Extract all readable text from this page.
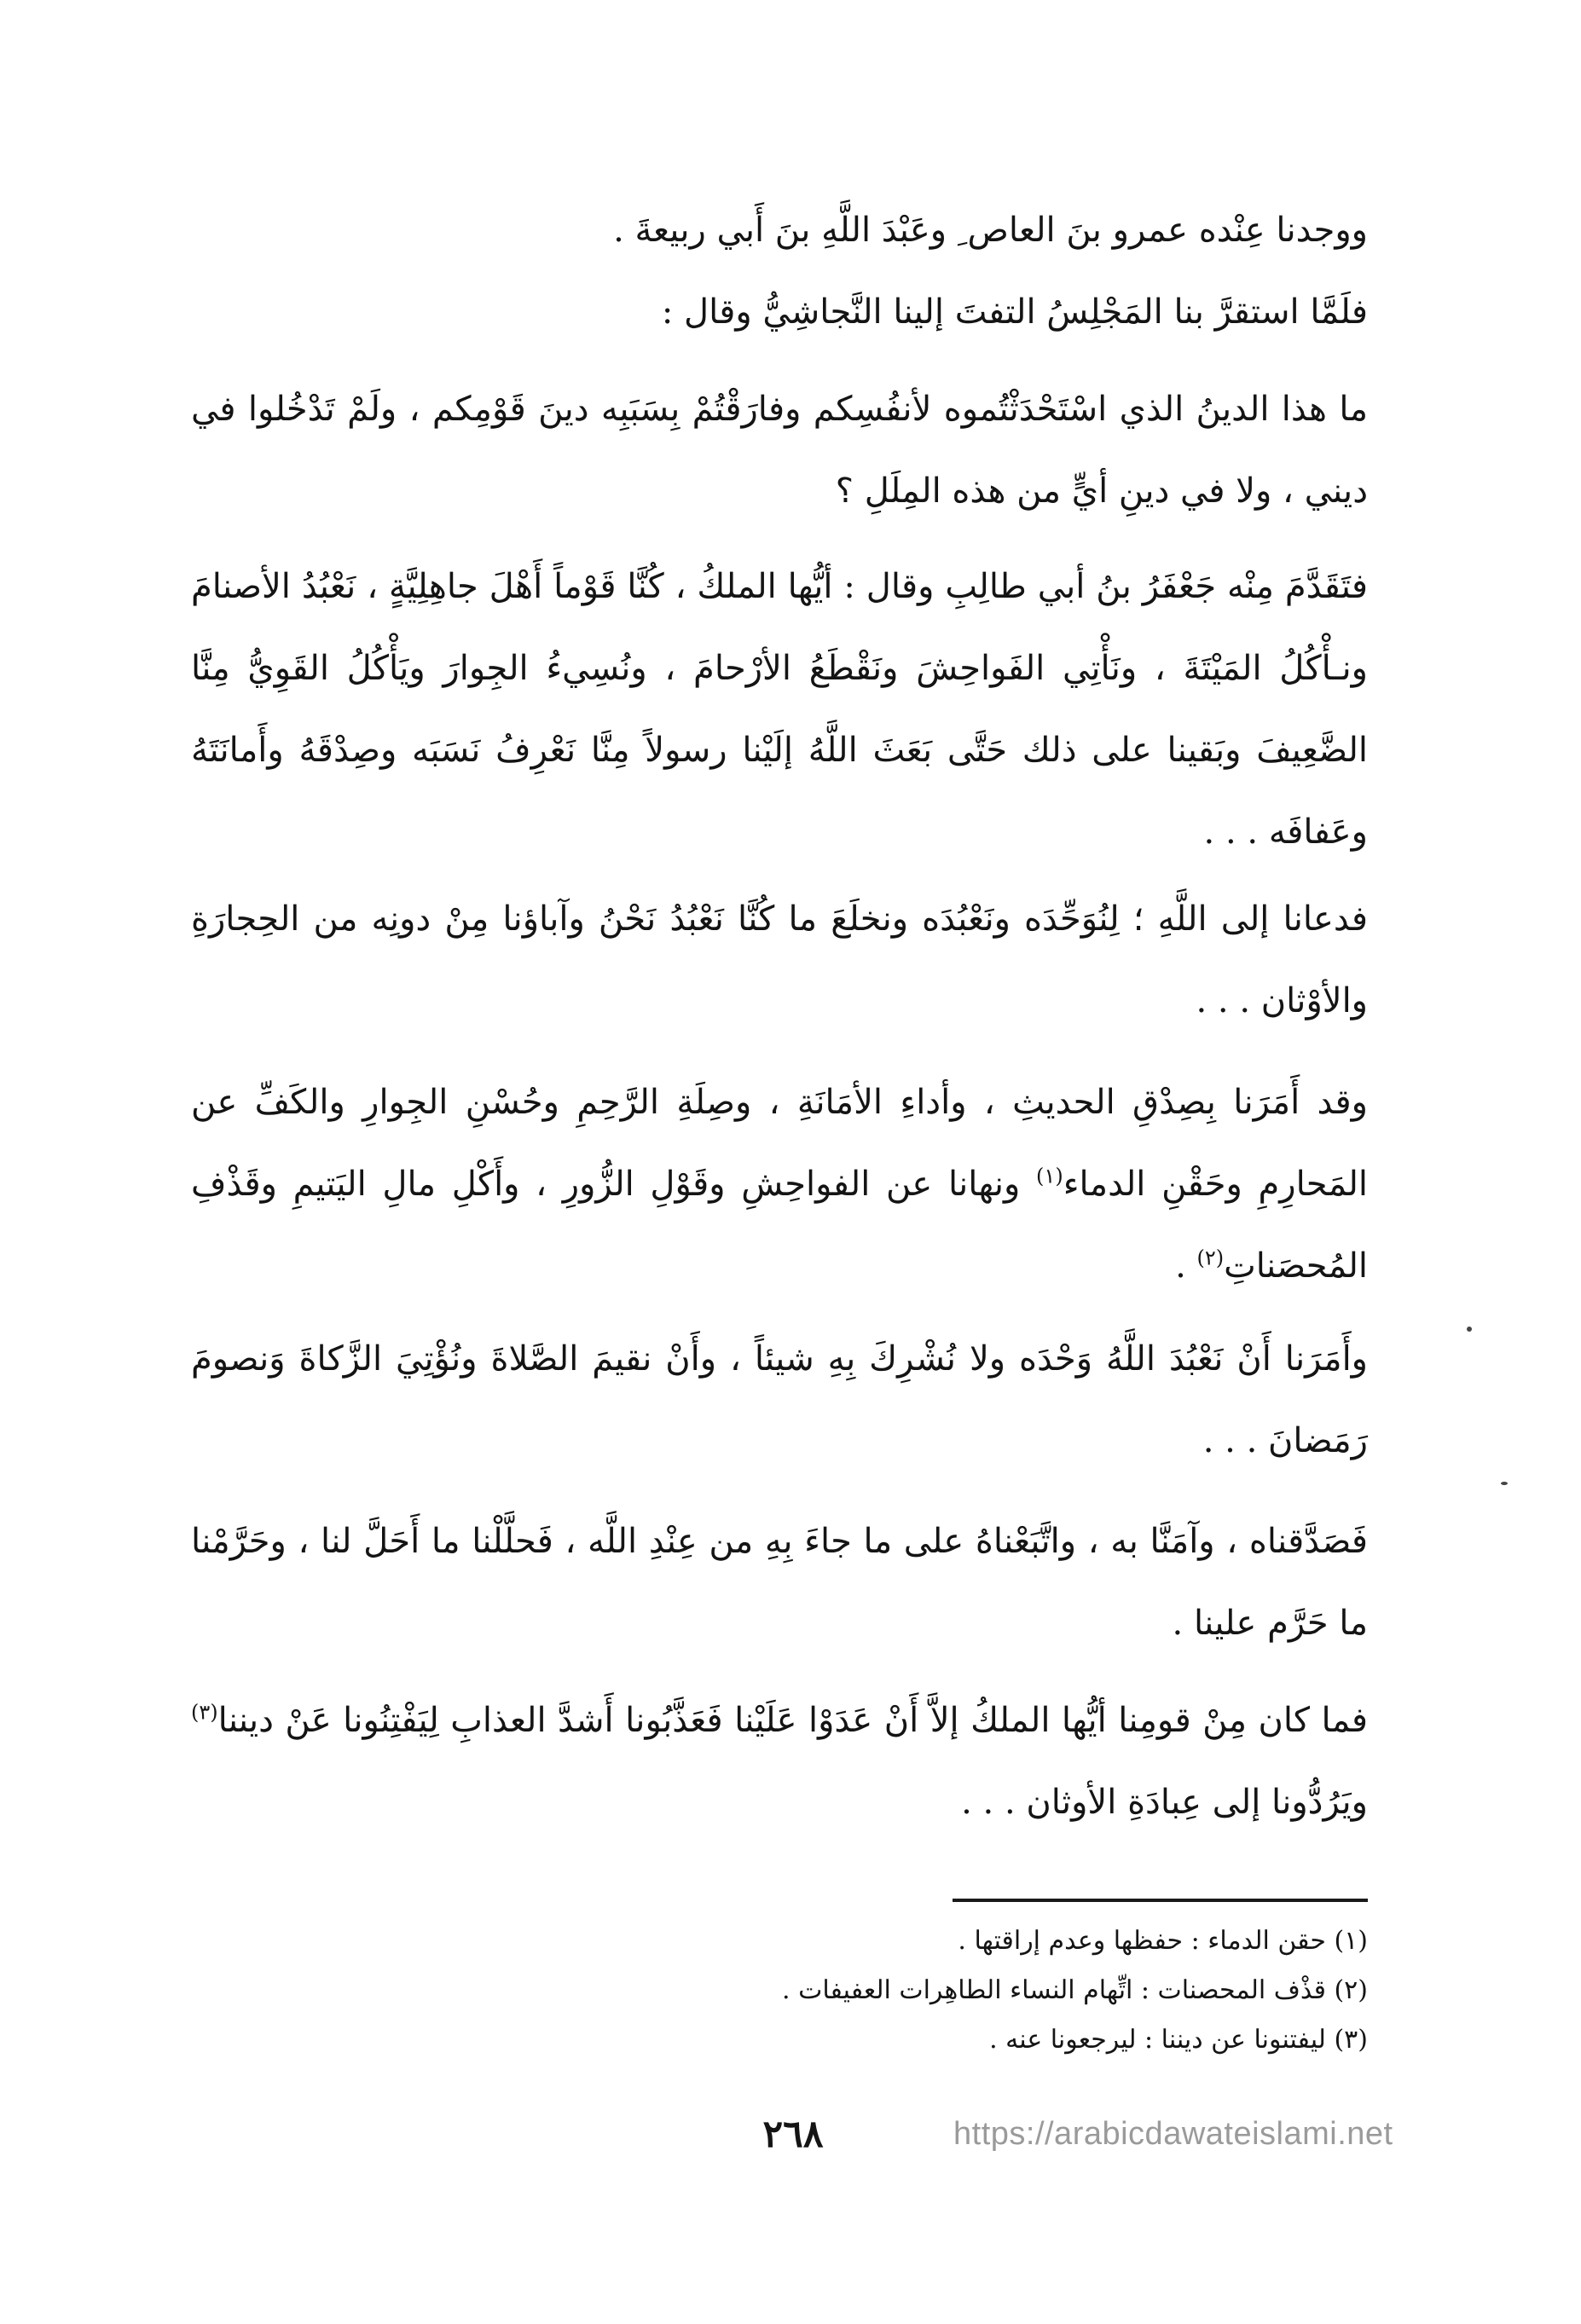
ووجدنا عِنْده عمرو بنَ العاص ِ وعَبْدَ اللَّهِ بنَ أَبي ربيعةَ .

فلَمَّا استقرَّ بنا المَجْلِسُ التفتَ إلينا النَّجاشِيُّ وقال :

ما هذا الدينُ الذي اسْتَحْدَثْتُموه لأنفُسِكم وفارَقْتُمْ بِسَبَبِه دينَ قَوْمِكم ، ولَمْ تَدْخُلوا في ديني ، ولا في دينِ أيٍّ من هذه المِلَلِ ؟

فتَقَدَّمَ مِنْه جَعْفَرُ بنُ أبي طالِبِ وقال : أيُّها الملكُ ، كُنَّا قَوْماً أَهْلَ جاهِلِيَّةٍ ، نَعْبُدُ الأصنامَ ونـأْكُلُ المَيْتَةَ ، ونَأْتِي الفَواحِشَ ونَقْطَعُ الأرْحامَ ، ونُسِيءُ الجِوارَ ويَأْكُلُ القَوِيُّ مِنَّا الضَّعِيفَ وبَقينا على ذلك حَتَّى بَعَثَ اللَّهُ إلَيْنا رسولاً مِنَّا نَعْرِفُ نَسَبَه وصِدْقَهُ وأَمانَتَهُ وعَفافَه . . .

فدعانا إلى اللَّهِ ؛ لِنُوَحِّدَه ونَعْبُدَه ونخلَعَ ما كُنَّا نَعْبُدُ نَحْنُ وآباؤنا مِنْ دونِه من الحِجارَةِ والأوْثان . . .

وقد أَمَرَنا بِصِدْقِ الحديثِ ، وأداءِ الأمَانَةِ ، وصِلَةِ الرَّحِمِ وحُسْنِ الجِوارِ والكَفِّ عن المَحارِمِ وحَقْنِ الدماء$^{(١)}$ ونهانا عن الفواحِشِ وقَوْلِ الزُّورِ ، وأَكْلِ مالِ اليَتيمِ وقَذْفِ المُحصَناتِ$^{(٢)}$ .

وأَمَرَنا أَنْ نَعْبُدَ اللَّهُ وَحْدَه ولا نُشْرِكَ بِهِ شيئاً ، وأَنْ نقيمَ الصَّلاةَ ونُؤْتِيَ الزَّكاةَ وَنصومَ رَمَضانَ . . .

فَصَدَّقناه ، وآمَنَّا به ، واتَّبَعْناهُ على ما جاءَ بِهِ من عِنْدِ اللَّه ، فَحلَّلْنا ما أَحَلَّ لنا ، وحَرَّمْنا ما حَرَّم علينا .

فما كان مِنْ قومِنا أيُّها الملكُ إلاَّ أَنْ عَدَوْا عَلَيْنا فَعَذَّبُونا أَشدَّ العذابِ لِيَفْتِنُونا عَنْ ديننا$^{(٣)}$ ويَرُدُّونا إلى عِبادَةِ الأوثان . . .

(١) حقن الدماء : حفظها وعدم إراقتها .
(٢) قذْف المحصنات : اتِّهام النساء الطاهِرات العفيفات .
(٣) ليفتنونا عن ديننا : ليرجعونا عنه .
٢٦٨	https://arabicdawateislami.net
